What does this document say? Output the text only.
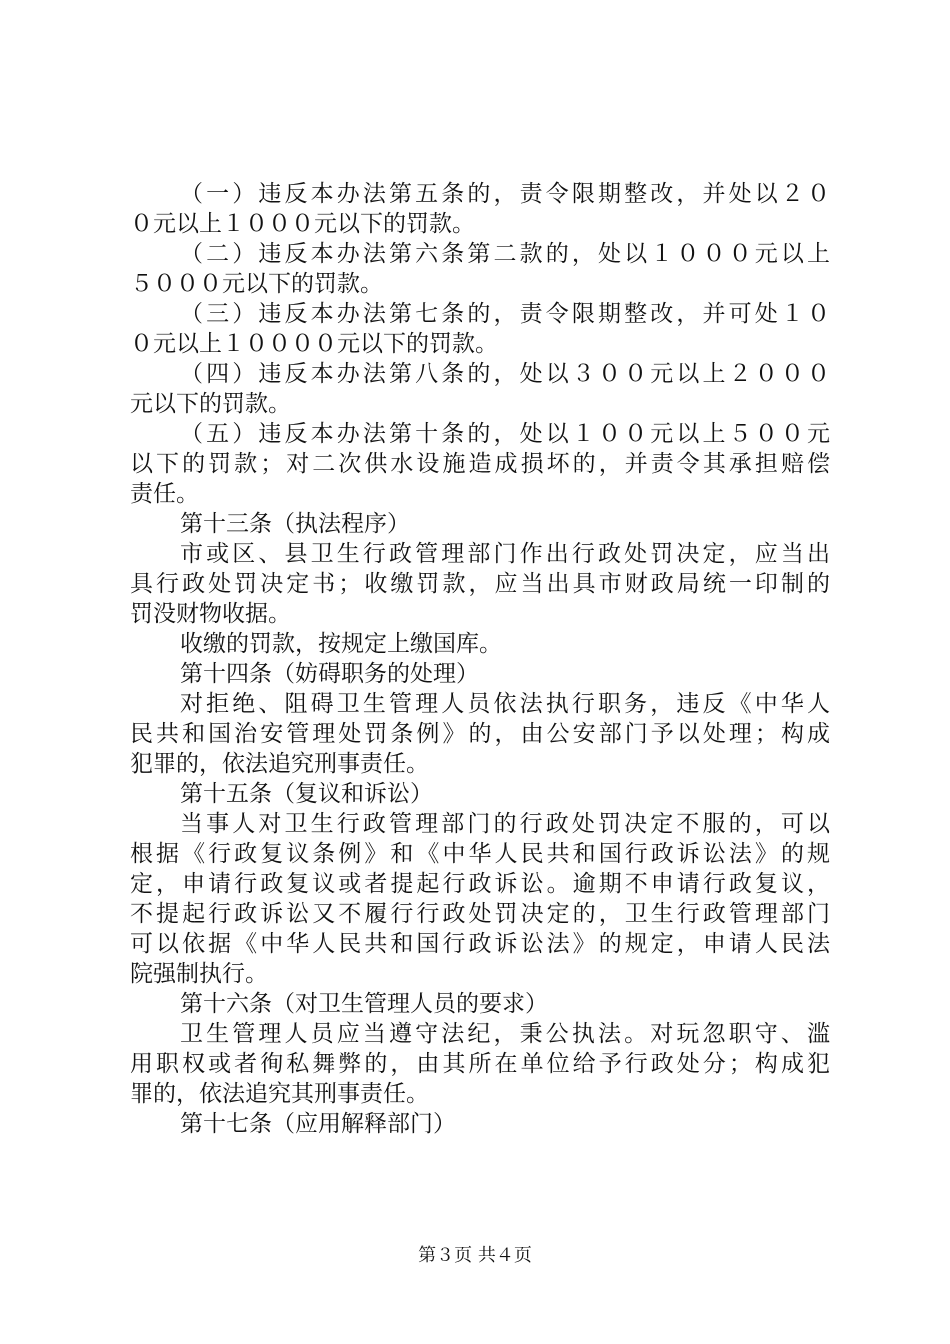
（一）违反本办法第五条的，责令限期整改，并处以２０
０元以上１０００元以下的罚款。
（二）违反本办法第六条第二款的，处以１０００元以上
５０００元以下的罚款。
（三）违反本办法第七条的，责令限期整改，并可处１０
０元以上１００００元以下的罚款。
（四）违反本办法第八条的，处以３００元以上２０００
元以下的罚款。
（五）违反本办法第十条的，处以１００元以上５００元
以下的罚款；对二次供水设施造成损坏的，并责令其承担赔偿
责任。
第十三条（执法程序）
市或区、县卫生行政管理部门作出行政处罚决定，应当出
具行政处罚决定书；收缴罚款，应当出具市财政局统一印制的
罚没财物收据。
收缴的罚款，按规定上缴国库。
第十四条（妨碍职务的处理）
对拒绝、阻碍卫生管理人员依法执行职务，违反《中华人
民共和国治安管理处罚条例》的，由公安部门予以处理；构成
犯罪的，依法追究刑事责任。
第十五条（复议和诉讼）
当事人对卫生行政管理部门的行政处罚决定不服的，可以
根据《行政复议条例》和《中华人民共和国行政诉讼法》的规
定，申请行政复议或者提起行政诉讼。逾期不申请行政复议，
不提起行政诉讼又不履行行政处罚决定的，卫生行政管理部门
可以依据《中华人民共和国行政诉讼法》的规定，申请人民法
院强制执行。
第十六条（对卫生管理人员的要求）
卫生管理人员应当遵守法纪，秉公执法。对玩忽职守、滥
用职权或者徇私舞弊的，由其所在单位给予行政处分；构成犯
罪的，依法追究其刑事责任。
第十七条（应用解释部门）
第３页 共４页
